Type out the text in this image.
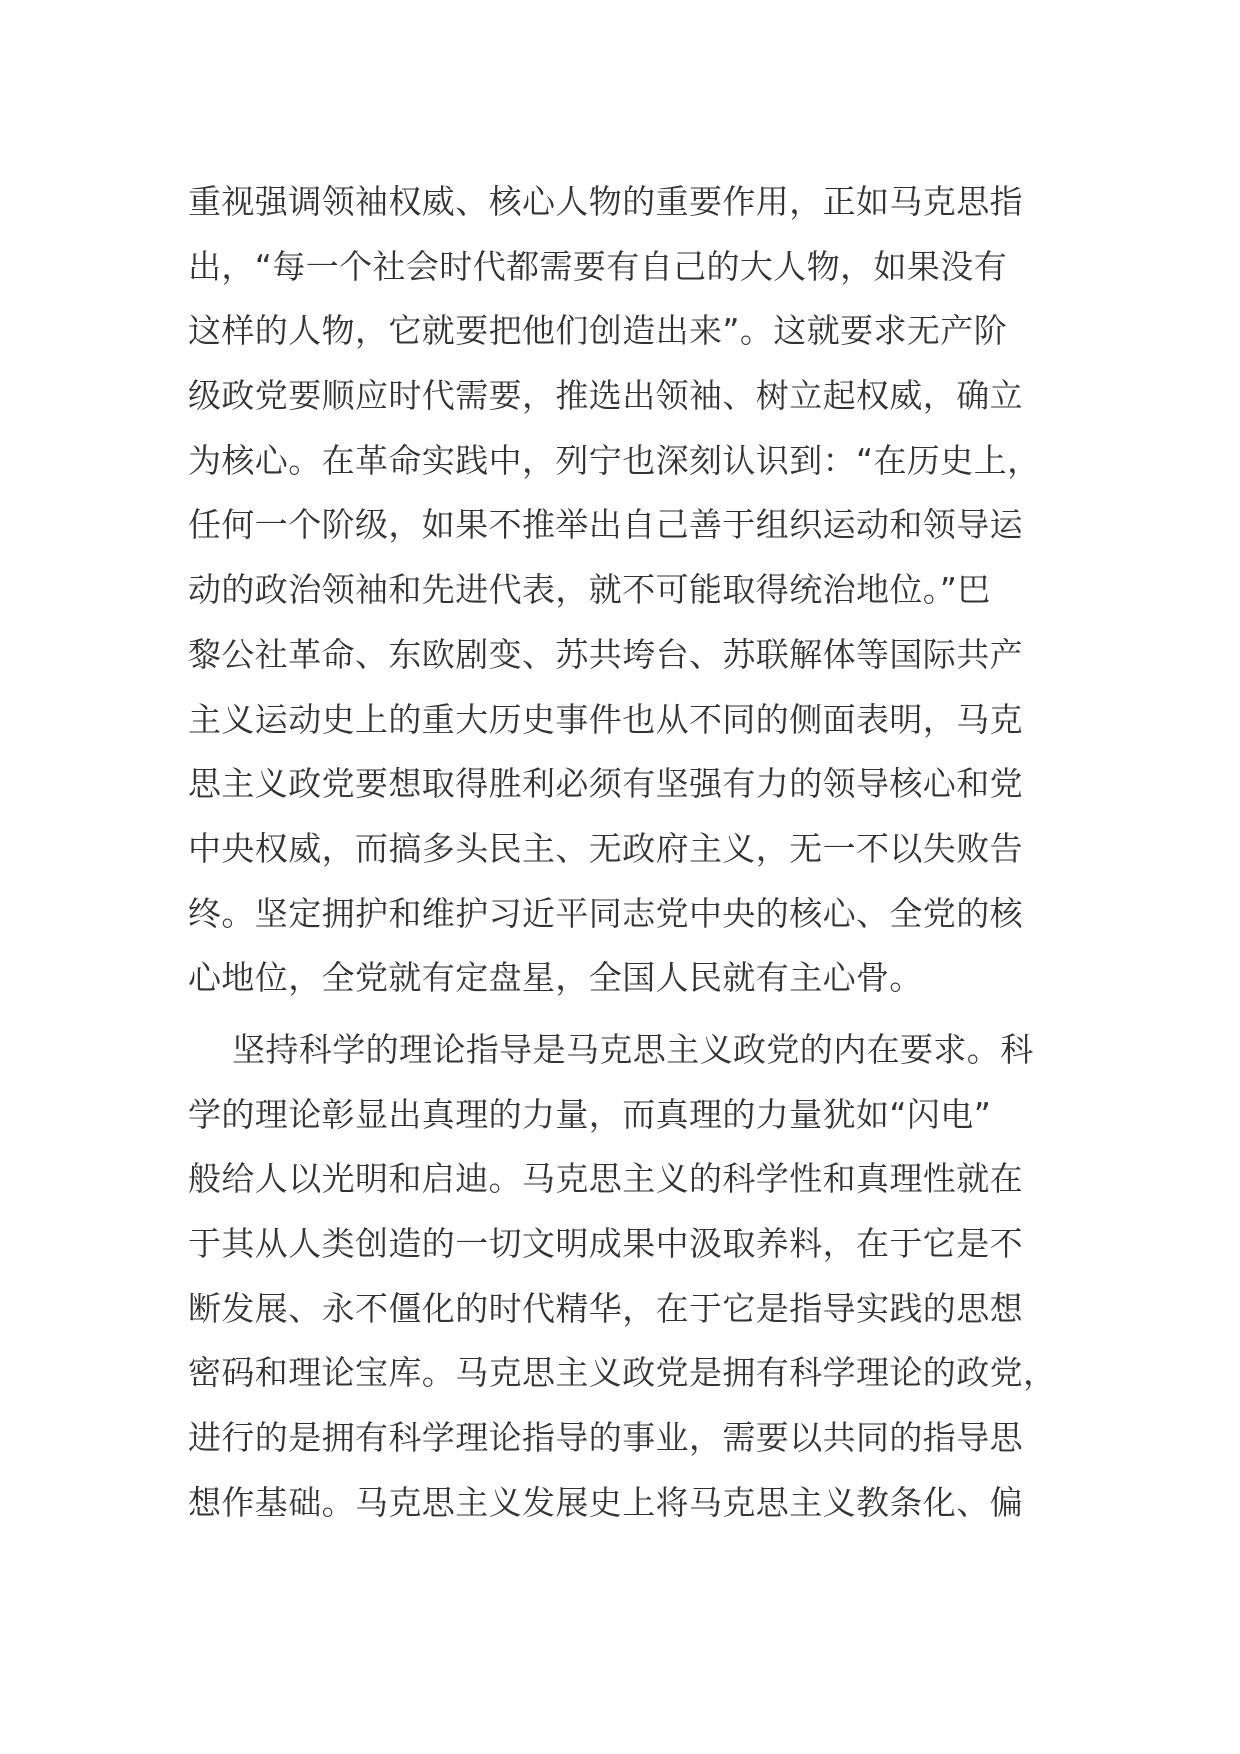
重视强调领袖权威、核心人物的重要作用，正如马克思指
出，“每一个社会时代都需要有自己的大人物，如果没有
这样的人物，它就要把他们创造出来”。这就要求无产阶
级政党要顺应时代需要，推选出领袖、树立起权威，确立
为核心。在革命实践中，列宁也深刻认识到：“在历史上，
任何一个阶级，如果不推举出自己善于组织运动和领导运
动的政治领袖和先进代表，就不可能取得统治地位。”巴
黎公社革命、东欧剧变、苏共垮台、苏联解体等国际共产
主义运动史上的重大历史事件也从不同的侧面表明，马克
思主义政党要想取得胜利必须有坚强有力的领导核心和党
中央权威，而搞多头民主、无政府主义，无一不以失败告
终。坚定拥护和维护习近平同志党中央的核心、全党的核
心地位，全党就有定盘星，全国人民就有主心骨。
坚持科学的理论指导是马克思主义政党的内在要求。科
学的理论彰显出真理的力量，而真理的力量犹如“闪电”
般给人以光明和启迪。马克思主义的科学性和真理性就在
于其从人类创造的一切文明成果中汲取养料，在于它是不
断发展、永不僵化的时代精华，在于它是指导实践的思想
密码和理论宝库。马克思主义政党是拥有科学理论的政党，
进行的是拥有科学理论指导的事业，需要以共同的指导思
想作基础。马克思主义发展史上将马克思主义教条化、偏
